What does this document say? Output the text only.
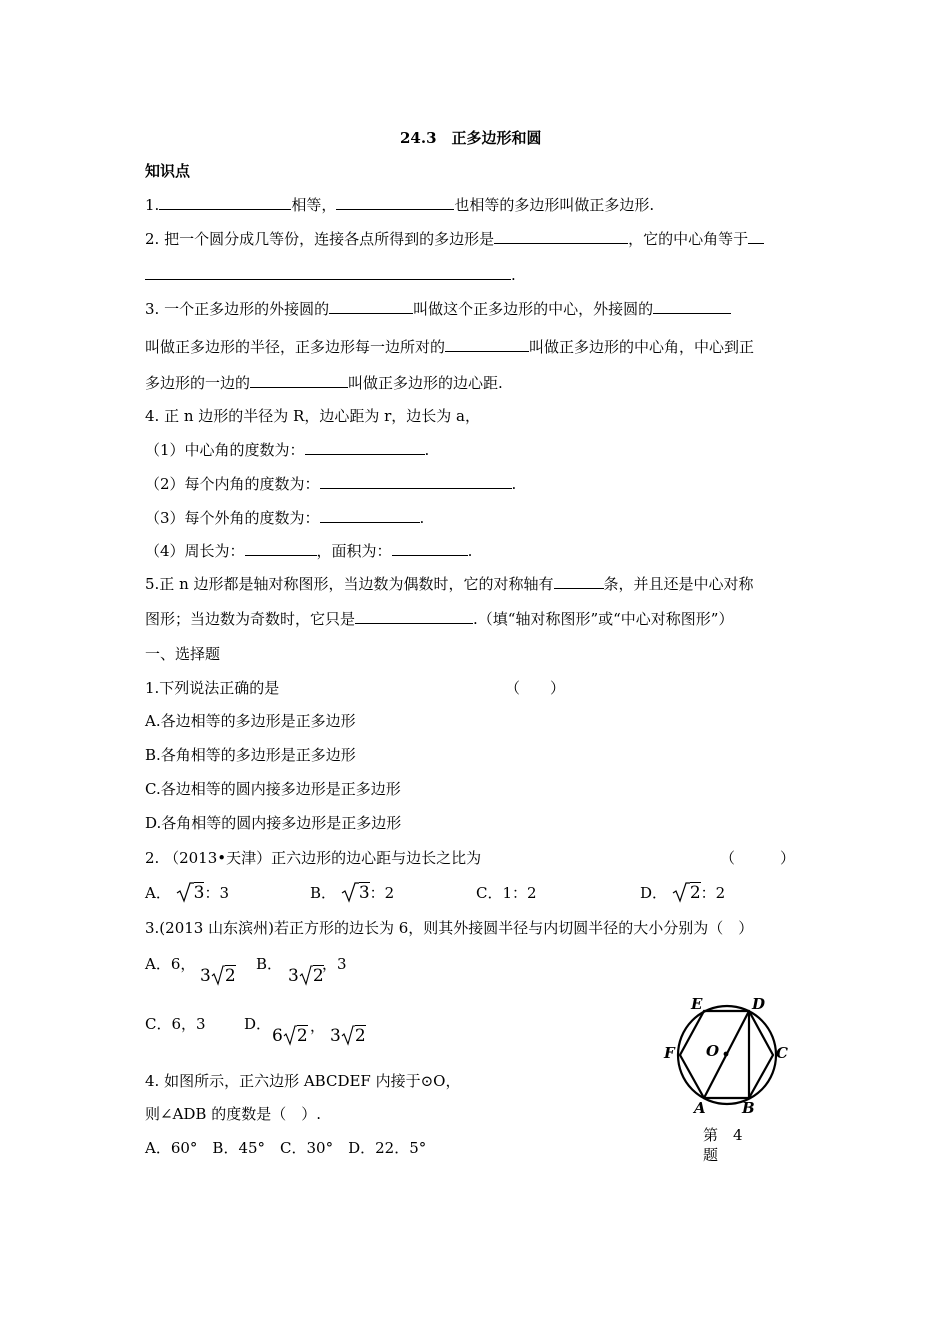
24.3　正多边形和圆
知识点
1.	相等，	也相等的多边形叫做正多边形.
2. 把一个圆分成几等份，连接各点所得到的多边形是	，它的中心角等于
.
3. 一个正多边形的外接圆的	叫做这个正多边形的中心，外接圆的
叫做正多边形的半径，正多边形每一边所对的	叫做正多边形的中心角，中心到正
多边形的一边的	叫做正多边形的边心距.
4. 正 n 边形的半径为 R，边心距为 r，边长为 a，
（1）中心角的度数为：	.
（2）每个内角的度数为：	.
（3）每个外角的度数为：	.
（4）周长为：	，面积为：	.
5.正 n 边形都是轴对称图形，当边数为偶数时，它的对称轴有	条，并且还是中心对称
图形；当边数为奇数时，它只是	.（填“轴对称图形”或“中心对称图形”）
一、选择题
1.下列说法正确的是	（　　）
A.各边相等的多边形是正多边形
B.各角相等的多边形是正多边形
C.各边相等的圆内接多边形是正多边形
D.各角相等的圆内接多边形是正多边形
2. （2013•天津）正六边形的边心距与边长之比为	（　　　）
A． 3：3	B． 3：2	C．1：2	D． 2：2
3.(2013 山东滨州)若正方形的边长为 6，则其外接圆半径与内切圆半径的大小分别为（　）
A．6，
3 2
B．
3 2
，3
C．6，3	D．
6 2 ， 3 2
4. 如图所示，正六边形 ABCDEF 内接于⊙O，
则∠ADB 的度数是（　）.
A．60°　B．45°　C．30°　D．22．5°
E	D
F O	C
A B
第　4
题
